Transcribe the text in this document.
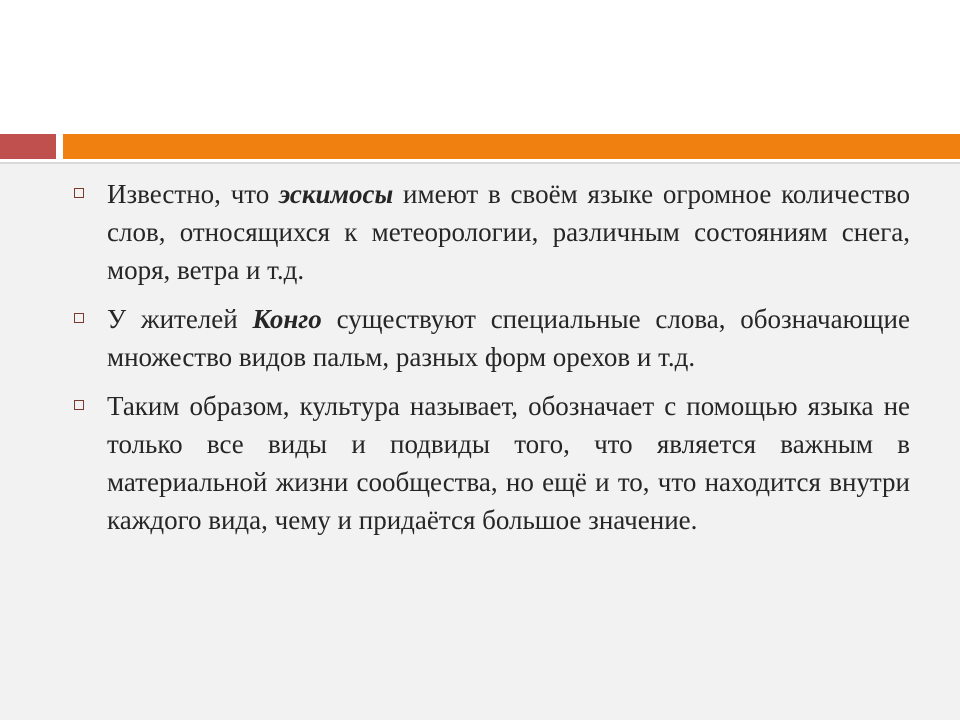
Известно, что эскимосы имеют в своём языке огромное количество слов, относящихся к метеорологии, различным состояниям снега, моря, ветра и т.д.
У жителей Конго существуют специальные слова, обозначающие множество видов пальм, разных форм орехов и т.д.
Таким образом, культура называет, обозначает с помощью языка не только все виды и подвиды того, что является важным в материальной жизни сообщества, но ещё и то, что находится внутри каждого вида, чему и придаётся большое значение.
